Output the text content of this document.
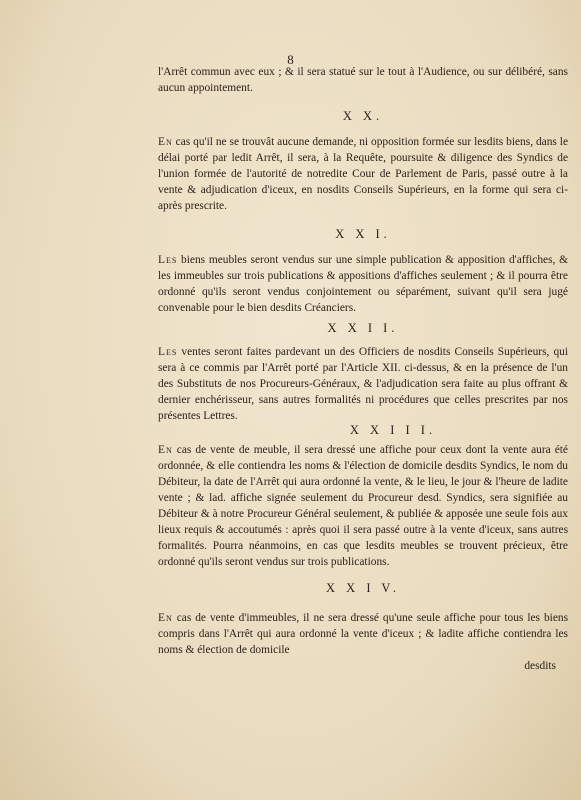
8

l'Arrêt commun avec eux ; & il sera statué sur le tout à l'Audience, ou sur délibéré, sans aucun appointement.

X X.

En cas qu'il ne se trouvât aucune demande, ni opposition formée sur lesdits biens, dans le délai porté par ledit Arrêt, il sera, à la Requête, poursuite & diligence des Syndics de l'union formée de l'autorité de notredite Cour de Parlement de Paris, passé outre à la vente & adjudication d'iceux, en nosdits Conseils Supérieurs, en la forme qui sera ci-après prescrite.

X X I.

Les biens meubles seront vendus sur une simple publication & apposition d'affiches, & les immeubles sur trois publications & appositions d'affiches seulement ; & il pourra être ordonné qu'ils seront vendus conjointement ou séparément, suivant qu'il sera jugé convenable pour le bien desdits Créanciers.

X X I I.

Les ventes seront faites pardevant un des Officiers de nosdits Conseils Supérieurs, qui sera à ce commis par l'Arrêt porté par l'Article XII. ci-dessus, & en la présence de l'un des Substituts de nos Procureurs-Généraux, & l'adjudication sera faite au plus offrant & dernier enchérisseur, sans autres formalités ni procédures que celles prescrites par nos présentes Lettres.

X X I I I.

En cas de vente de meuble, il sera dressé une affiche pour ceux dont la vente aura été ordonnée, & elle contiendra les noms & l'élection de domicile desdits Syndics, le nom du Débiteur, la date de l'Arrêt qui aura ordonné la vente, & le lieu, le jour & l'heure de ladite vente ; & lad. affiche signée seulement du Procureur desd. Syndics, sera signifiée au Débiteur & à notre Procureur Général seulement, & publiée & apposée une seule fois aux lieux requis & accoutumés : après quoi il sera passé outre à la vente d'iceux, sans autres formalités. Pourra néanmoins, en cas que lesdits meubles se trouvent précieux, être ordonné qu'ils seront vendus sur trois publications.

X X I V.

En cas de vente d'immeubles, il ne sera dressé qu'une seule affiche pour tous les biens compris dans l'Arrêt qui aura ordonné la vente d'iceux ; & ladite affiche contiendra les noms & élection de domicile

desdits
